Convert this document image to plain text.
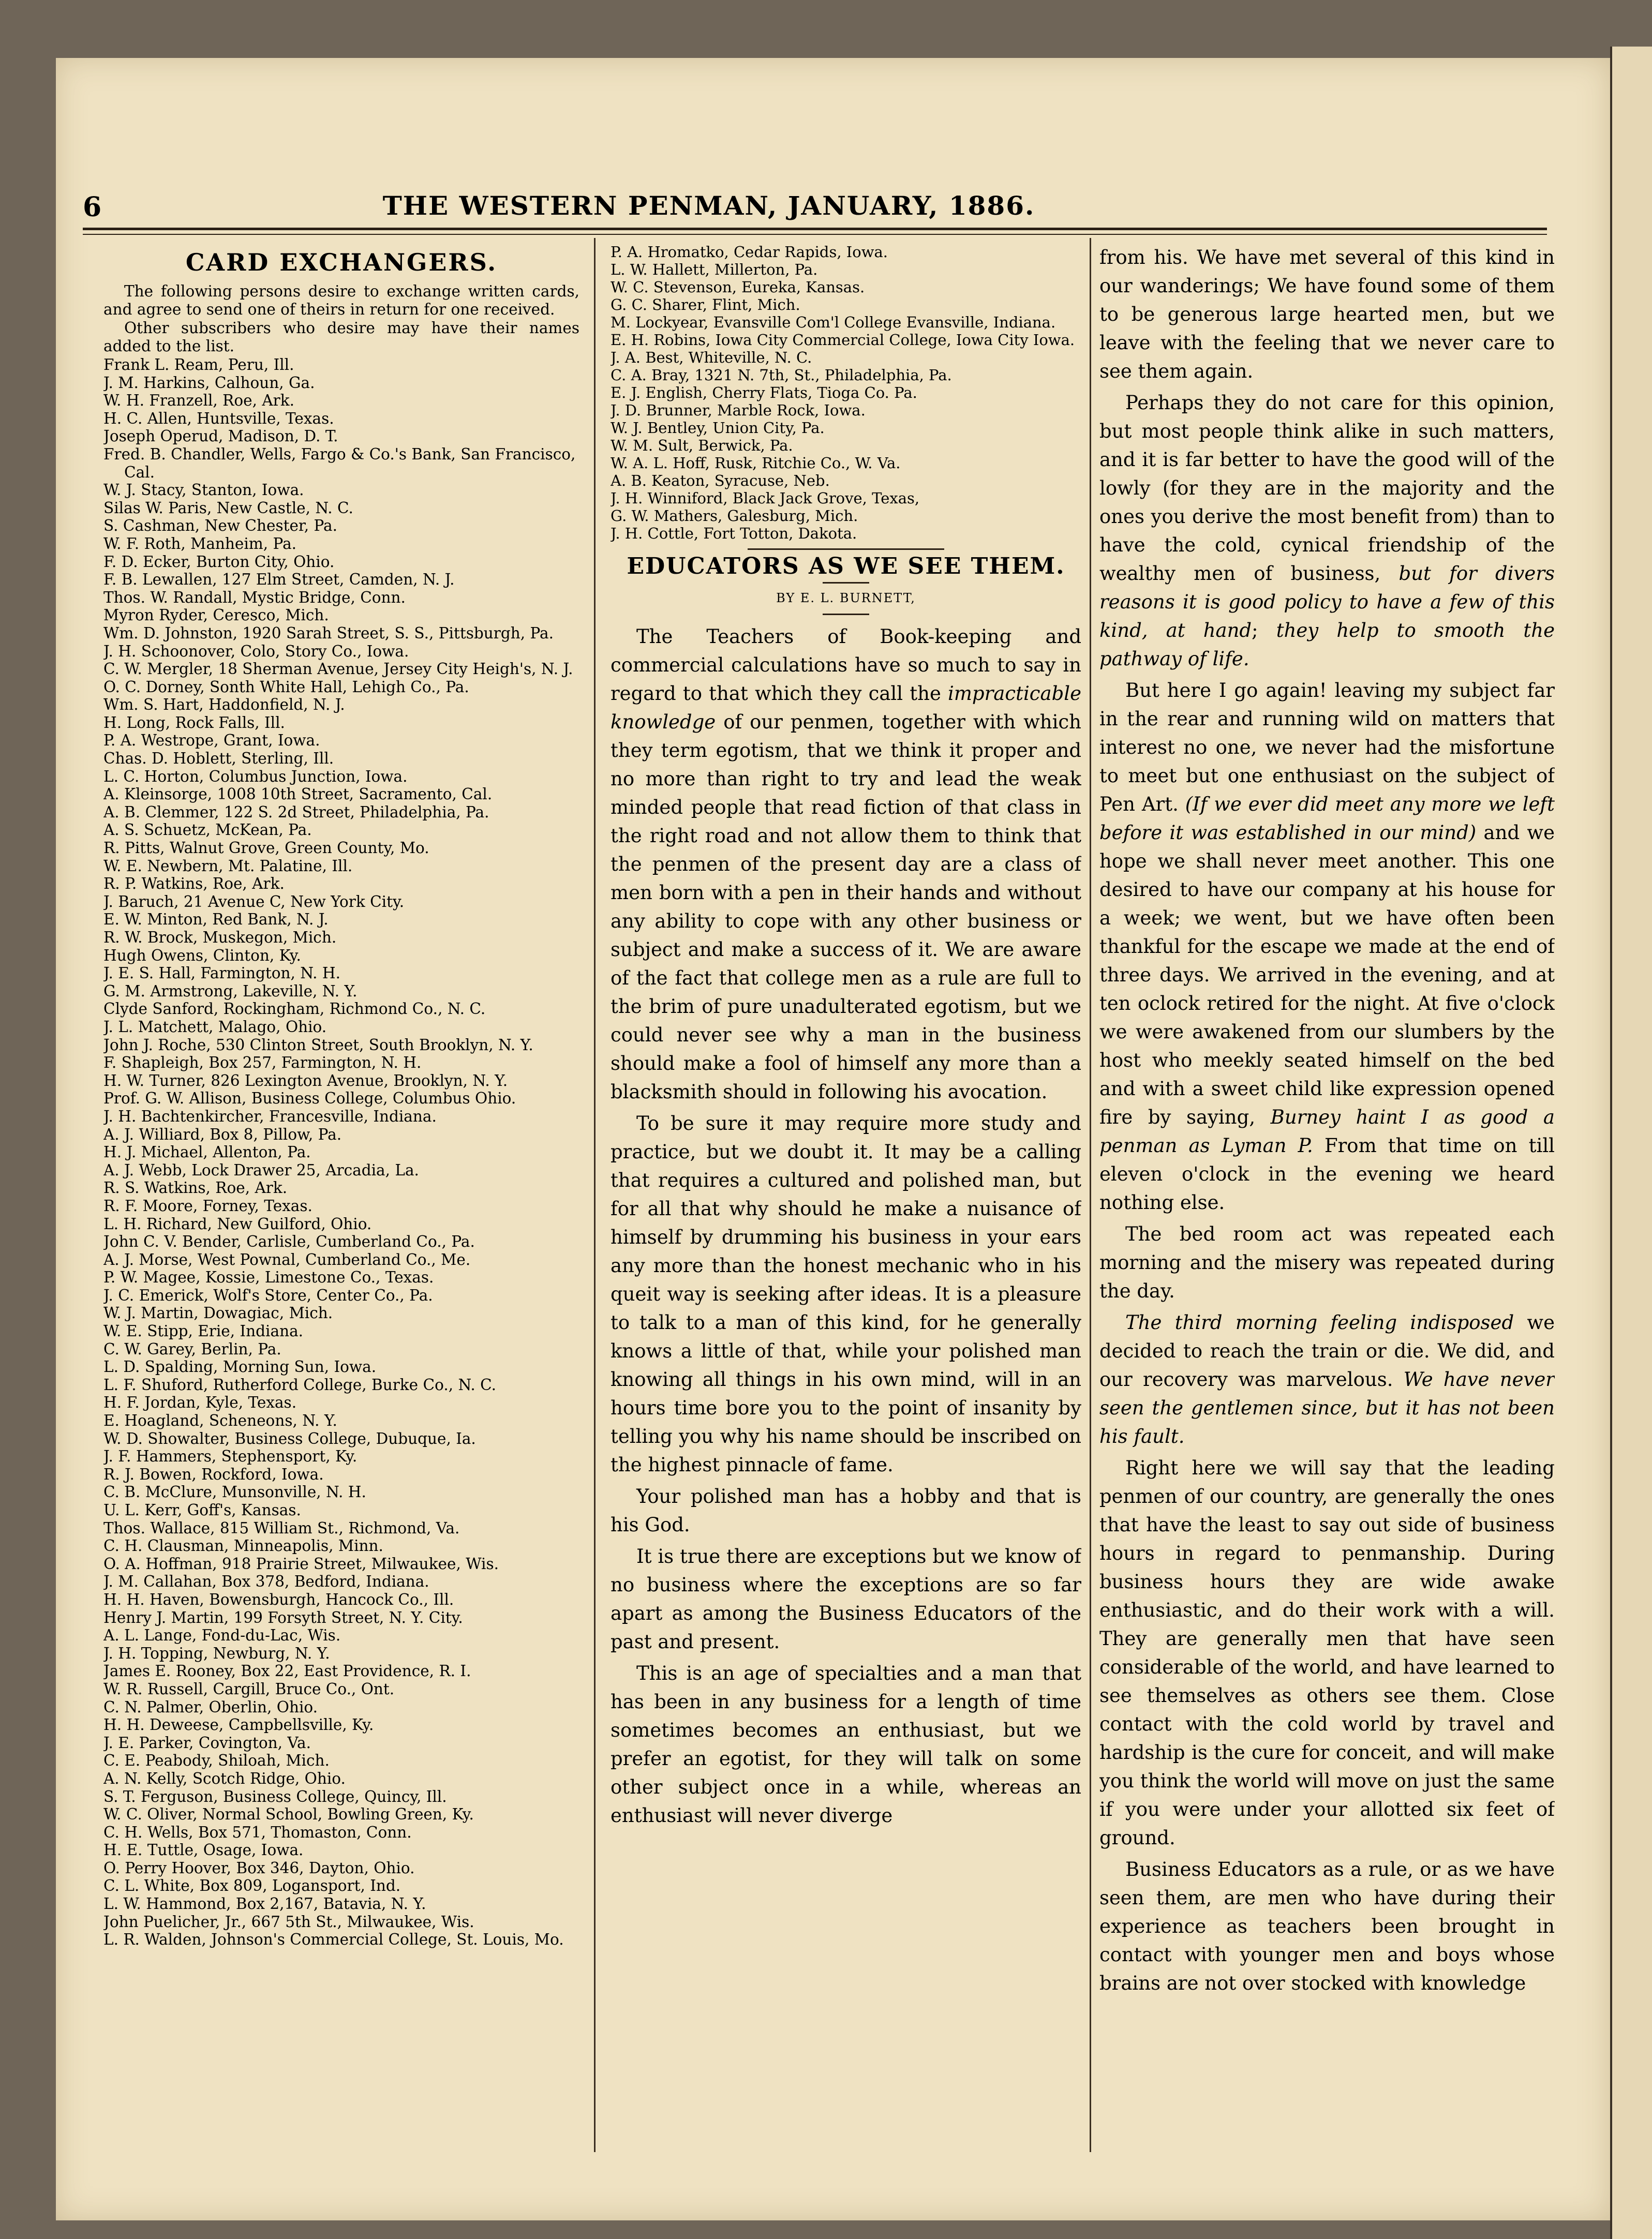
6	THE WESTERN PENMAN, JANUARY, 1886.
CARD EXCHANGERS.

The following persons desire to exchange written cards, and agree to send one of theirs in return for one received.

Other subscribers who desire may have their names added to the list.

Frank L. Ream, Peru, Ill.
J. M. Harkins, Calhoun, Ga.
W. H. Franzell, Roe, Ark.
H. C. Allen, Huntsville, Texas.
Joseph Operud, Madison, D. T.
Fred. B. Chandler, Wells, Fargo & Co.'s Bank, San Francisco, Cal.
W. J. Stacy, Stanton, Iowa.
Silas W. Paris, New Castle, N. C.
S. Cashman, New Chester, Pa.
W. F. Roth, Manheim, Pa.
F. D. Ecker, Burton City, Ohio.
F. B. Lewallen, 127 Elm Street, Camden, N. J.
Thos. W. Randall, Mystic Bridge, Conn.
Myron Ryder, Ceresco, Mich.
Wm. D. Johnston, 1920 Sarah Street, S. S., Pittsburgh, Pa.
J. H. Schoonover, Colo, Story Co., Iowa.
C. W. Mergler, 18 Sherman Avenue, Jersey City Heigh's, N. J.
O. C. Dorney, Sonth White Hall, Lehigh Co., Pa.
Wm. S. Hart, Haddonfield, N. J.
H. Long, Rock Falls, Ill.
P. A. Westrope, Grant, Iowa.
Chas. D. Hoblett, Sterling, Ill.
L. C. Horton, Columbus Junction, Iowa.
A. Kleinsorge, 1008 10th Street, Sacramento, Cal.
A. B. Clemmer, 122 S. 2d Street, Philadelphia, Pa.
A. S. Schuetz, McKean, Pa.
R. Pitts, Walnut Grove, Green County, Mo.
W. E. Newbern, Mt. Palatine, Ill.
R. P. Watkins, Roe, Ark.
J. Baruch, 21 Avenue C, New York City.
E. W. Minton, Red Bank, N. J.
R. W. Brock, Muskegon, Mich.
Hugh Owens, Clinton, Ky.
J. E. S. Hall, Farmington, N. H.
G. M. Armstrong, Lakeville, N. Y.
Clyde Sanford, Rockingham, Richmond Co., N. C.
J. L. Matchett, Malago, Ohio.
John J. Roche, 530 Clinton Street, South Brooklyn, N. Y.
F. Shapleigh, Box 257, Farmington, N. H.
H. W. Turner, 826 Lexington Avenue, Brooklyn, N. Y.
Prof. G. W. Allison, Business College, Columbus Ohio.
J. H. Bachtenkircher, Francesville, Indiana.
A. J. Williard, Box 8, Pillow, Pa.
H. J. Michael, Allenton, Pa.
A. J. Webb, Lock Drawer 25, Arcadia, La.
R. S. Watkins, Roe, Ark.
R. F. Moore, Forney, Texas.
L. H. Richard, New Guilford, Ohio.
John C. V. Bender, Carlisle, Cumberland Co., Pa.
A. J. Morse, West Pownal, Cumberland Co., Me.
P. W. Magee, Kossie, Limestone Co., Texas.
J. C. Emerick, Wolf's Store, Center Co., Pa.
W. J. Martin, Dowagiac, Mich.
W. E. Stipp, Erie, Indiana.
C. W. Garey, Berlin, Pa.
L. D. Spalding, Morning Sun, Iowa.
L. F. Shuford, Rutherford College, Burke Co., N. C.
H. F. Jordan, Kyle, Texas.
E. Hoagland, Scheneons, N. Y.
W. D. Showalter, Business College, Dubuque, Ia.
J. F. Hammers, Stephensport, Ky.
R. J. Bowen, Rockford, Iowa.
C. B. McClure, Munsonville, N. H.
U. L. Kerr, Goff's, Kansas.
Thos. Wallace, 815 William St., Richmond, Va.
C. H. Clausman, Minneapolis, Minn.
O. A. Hoffman, 918 Prairie Street, Milwaukee, Wis.
J. M. Callahan, Box 378, Bedford, Indiana.
H. H. Haven, Bowensburgh, Hancock Co., Ill.
Henry J. Martin, 199 Forsyth Street, N. Y. City.
A. L. Lange, Fond-du-Lac, Wis.
J. H. Topping, Newburg, N. Y.
James E. Rooney, Box 22, East Providence, R. I.
W. R. Russell, Cargill, Bruce Co., Ont.
C. N. Palmer, Oberlin, Ohio.
H. H. Deweese, Campbellsville, Ky.
J. E. Parker, Covington, Va.
C. E. Peabody, Shiloah, Mich.
A. N. Kelly, Scotch Ridge, Ohio.
S. T. Ferguson, Business College, Quincy, Ill.
W. C. Oliver, Normal School, Bowling Green, Ky.
C. H. Wells, Box 571, Thomaston, Conn.
H. E. Tuttle, Osage, Iowa.
O. Perry Hoover, Box 346, Dayton, Ohio.
C. L. White, Box 809, Logansport, Ind.
L. W. Hammond, Box 2,167, Batavia, N. Y.
John Puelicher, Jr., 667 5th St., Milwaukee, Wis.
L. R. Walden, Johnson's Commercial College, St. Louis, Mo.
P. A. Hromatko, Cedar Rapids, Iowa.
L. W. Hallett, Millerton, Pa.
W. C. Stevenson, Eureka, Kansas.
G. C. Sharer, Flint, Mich.
M. Lockyear, Evansville Com'l College Evansville, Indiana.
E. H. Robins, Iowa City Commercial College, Iowa City Iowa.
J. A. Best, Whiteville, N. C.
C. A. Bray, 1321 N. 7th, St., Philadelphia, Pa.
E. J. English, Cherry Flats, Tioga Co. Pa.
J. D. Brunner, Marble Rock, Iowa.
W. J. Bentley, Union City, Pa.
W. M. Sult, Berwick, Pa.
W. A. L. Hoff, Rusk, Ritchie Co., W. Va.
A. B. Keaton, Syracuse, Neb.
J. H. Winniford, Black Jack Grove, Texas,
G. W. Mathers, Galesburg, Mich.
J. H. Cottle, Fort Totton, Dakota.
EDUCATORS AS WE SEE THEM.
BY E. L. BURNETT,

The Teachers of Book-keeping and commercial calculations have so much to say in regard to that which they call the impracticable knowledge of our penmen, together with which they term egotism, that we think it proper and no more than right to try and lead the weak minded people that read fiction of that class in the right road and not allow them to think that the penmen of the present day are a class of men born with a pen in their hands and without any ability to cope with any other business or subject and make a success of it. We are aware of the fact that college men as a rule are full to the brim of pure unadulterated egotism, but we could never see why a man in the business should make a fool of himself any more than a blacksmith should in following his avocation.

To be sure it may require more study and practice, but we doubt it. It may be a calling that requires a cultured and polished man, but for all that why should he make a nuisance of himself by drumming his business in your ears any more than the honest mechanic who in his queit way is seeking after ideas. It is a pleasure to talk to a man of this kind, for he generally knows a little of that, while your polished man knowing all things in his own mind, will in an hours time bore you to the point of insanity by telling you why his name should be inscribed on the highest pinnacle of fame.

Your polished man has a hobby and that is his God.

It is true there are exceptions but we know of no business where the exceptions are so far apart as among the Business Educators of the past and present.

This is an age of specialties and a man that has been in any business for a length of time sometimes becomes an enthusiast, but we prefer an egotist, for they will talk on some other subject once in a while, whereas an enthusiast will never diverge

from his. We have met several of this kind in our wanderings; We have found some of them to be generous large hearted men, but we leave with the feeling that we never care to see them again.

Perhaps they do not care for this opinion, but most people think alike in such matters, and it is far better to have the good will of the lowly (for they are in the majority and the ones you derive the most benefit from) than to have the cold, cynical friendship of the wealthy men of business, but for divers reasons it is good policy to have a few of this kind, at hand; they help to smooth the pathway of life.

But here I go again! leaving my subject far in the rear and running wild on matters that interest no one, we never had the misfortune to meet but one enthusiast on the subject of Pen Art. (If we ever did meet any more we left before it was established in our mind) and we hope we shall never meet another. This one desired to have our company at his house for a week; we went, but we have often been thankful for the escape we made at the end of three days. We arrived in the evening, and at ten oclock retired for the night. At five o'clock we were awakened from our slumbers by the host who meekly seated himself on the bed and with a sweet child like expression opened fire by saying, Burney haint I as good a penman as Lyman P. From that time on till eleven o'clock in the evening we heard nothing else.

The bed room act was repeated each morning and the misery was repeated during the day.

The third morning feeling indisposed we decided to reach the train or die. We did, and our recovery was marvelous. We have never seen the gentlemen since, but it has not been his fault.

Right here we will say that the leading penmen of our country, are generally the ones that have the least to say out side of business hours in regard to penmanship. During business hours they are wide awake enthusiastic, and do their work with a will. They are generally men that have seen considerable of the world, and have learned to see themselves as others see them. Close contact with the cold world by travel and hardship is the cure for conceit, and will make you think the world will move on just the same if you were under your allotted six feet of ground.

Business Educators as a rule, or as we have seen them, are men who have during their experience as teachers been brought in contact with younger men and boys whose brains are not over stocked with knowledge
